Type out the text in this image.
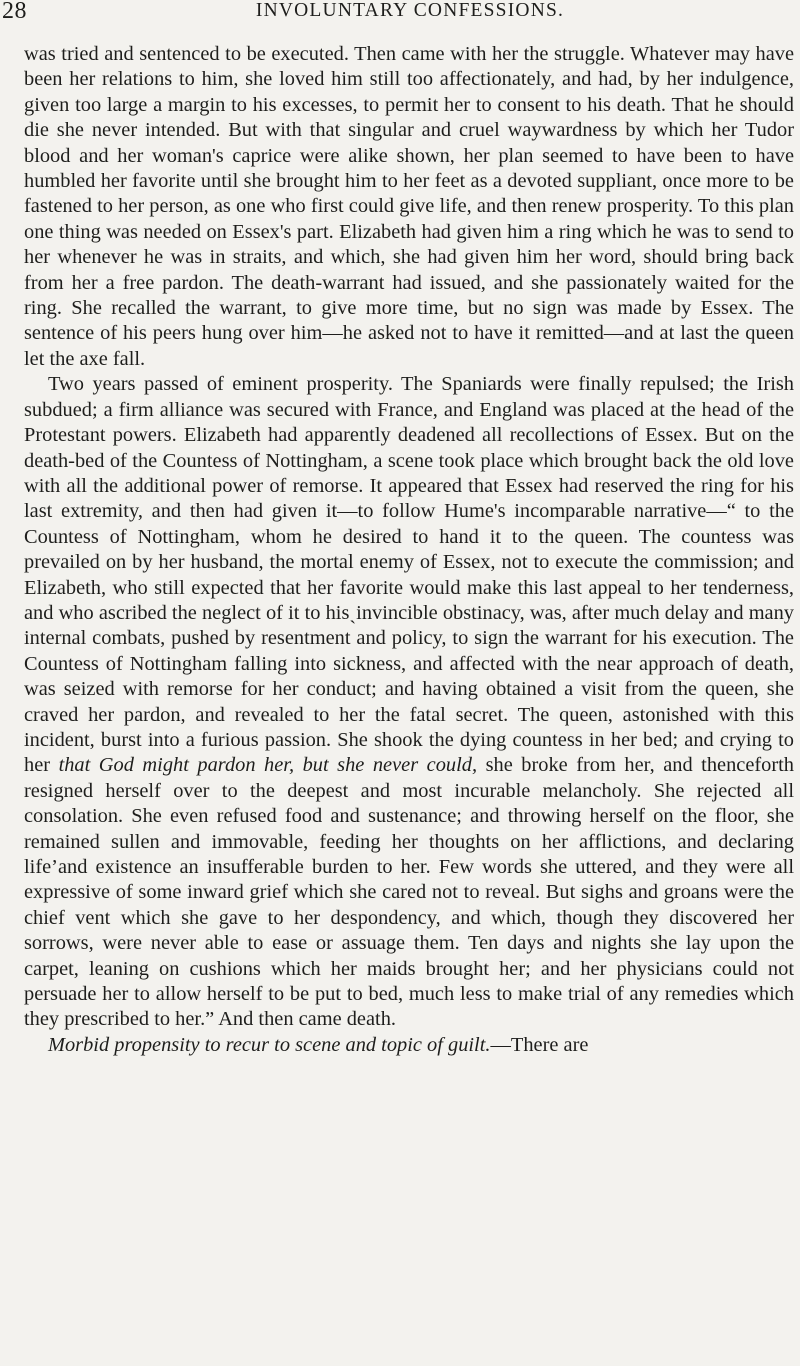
28	INVOLUNTARY CONFESSIONS.

was tried and sentenced to be executed. Then came with her the struggle. Whatever may have been her relations to him, she loved him still too affectionately, and had, by her indulgence, given too large a margin to his excesses, to permit her to consent to his death. That he should die she never intended. But with that singular and cruel waywardness by which her Tudor blood and her woman's caprice were alike shown, her plan seemed to have been to have humbled her favorite until she brought him to her feet as a devoted suppliant, once more to be fastened to her person, as one who first could give life, and then renew prosperity. To this plan one thing was needed on Essex's part. Elizabeth had given him a ring which he was to send to her whenever he was in straits, and which, she had given him her word, should bring back from her a free pardon. The death-warrant had issued, and she passionately waited for the ring. She recalled the warrant, to give more time, but no sign was made by Essex. The sentence of his peers hung over him—he asked not to have it remitted—and at last the queen let the axe fall.

Two years passed of eminent prosperity. The Spaniards were finally repulsed; the Irish subdued; a firm alliance was secured with France, and England was placed at the head of the Protestant powers. Elizabeth had apparently deadened all recollections of Essex. But on the death-bed of the Countess of Nottingham, a scene took place which brought back the old love with all the additional power of remorse. It appeared that Essex had reserved the ring for his last extremity, and then had given it—to follow Hume's incomparable narrative—“ to the Countess of Nottingham, whom he desired to hand it to the queen. The countess was prevailed on by her husband, the mortal enemy of Essex, not to execute the commission; and Elizabeth, who still expected that her favorite would make this last appeal to her tenderness, and who ascribed the neglect of it to hisˎinvincible obstinacy, was, after much delay and many internal combats, pushed by resentment and policy, to sign the warrant for his execution. The Countess of Nottingham falling into sickness, and affected with the near approach of death, was seized with remorse for her conduct; and having obtained a visit from the queen, she craved her pardon, and revealed to her the fatal secret. The queen, astonished with this incident, burst into a furious passion. She shook the dying countess in her bed; and crying to her that God might pardon her, but she never could, she broke from her, and thenceforth resigned herself over to the deepest and most incurable melancholy. She rejected all consolation. She even refused food and sustenance; and throwing herself on the floor, she remained sullen and immovable, feeding her thoughts on her afflictions, and declaring life’and existence an insufferable burden to her. Few words she uttered, and they were all expressive of some inward grief which she cared not to reveal. But sighs and groans were the chief vent which she gave to her despondency, and which, though they discovered her sorrows, were never able to ease or assuage them. Ten days and nights she lay upon the carpet, leaning on cushions which her maids brought her; and her physicians could not persuade her to allow herself to be put to bed, much less to make trial of any remedies which they prescribed to her.” And then came death.

Morbid propensity to recur to scene and topic of guilt.—There are
